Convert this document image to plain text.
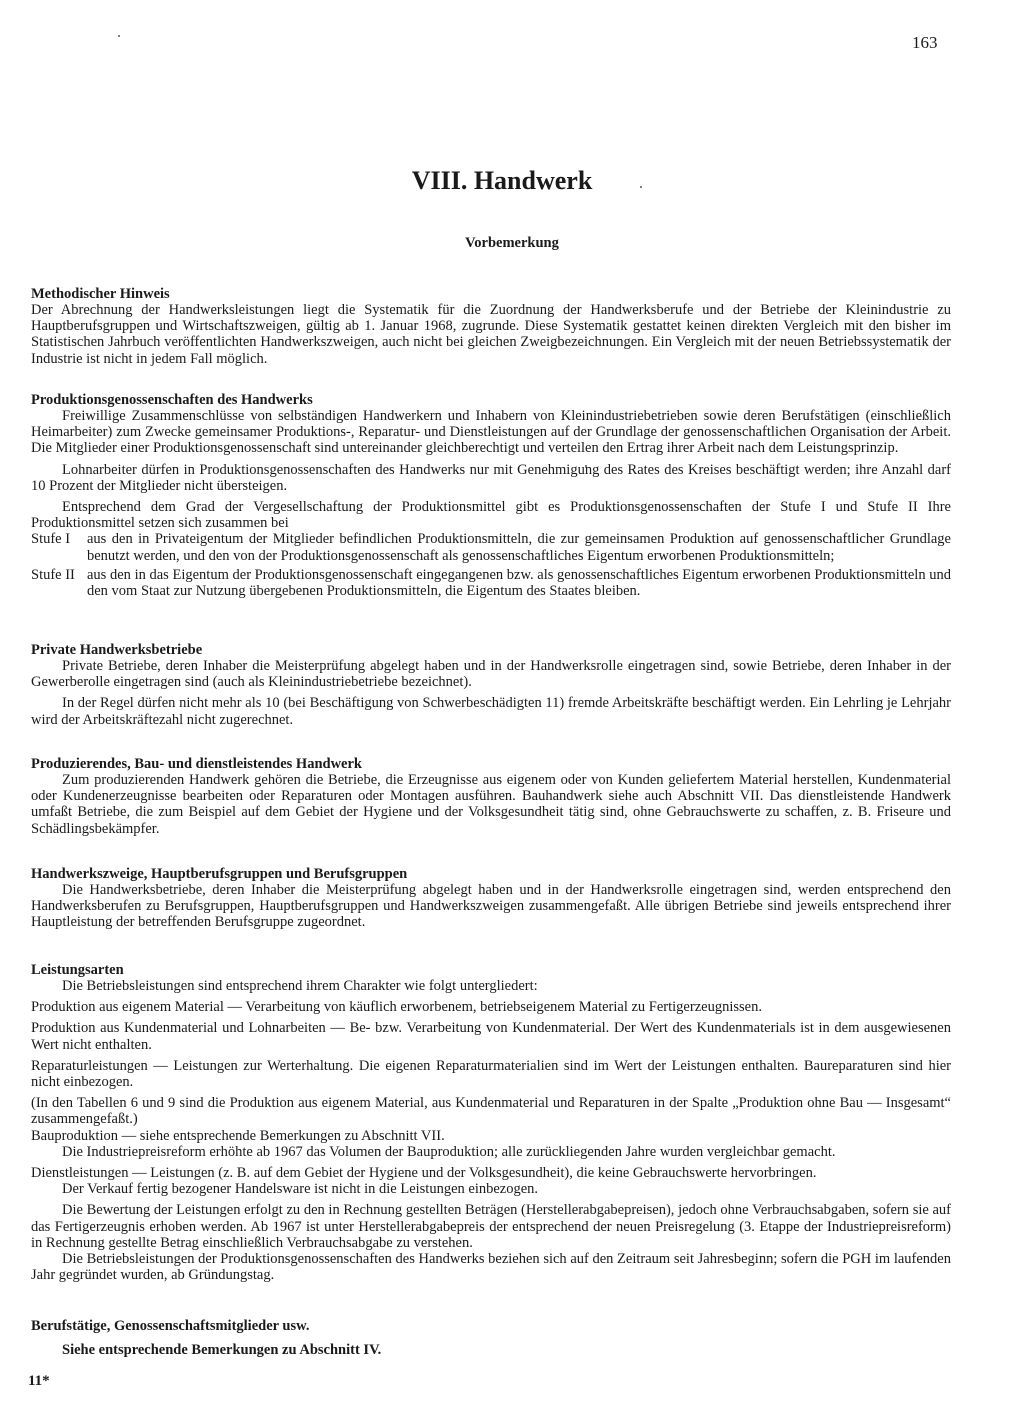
163
VIII. Handwerk
Vorbemerkung
Methodischer Hinweis

Der Abrechnung der Handwerksleistungen liegt die Systematik für die Zuordnung der Handwerksberufe und der Betriebe der Kleinindustrie zu Hauptberufsgruppen und Wirtschaftszweigen, gültig ab 1. Januar 1968, zugrunde. Diese Systematik gestattet keinen direkten Vergleich mit den bisher im Statistischen Jahrbuch veröffentlichten Handwerkszweigen, auch nicht bei gleichen Zweigbezeichnungen. Ein Vergleich mit der neuen Betriebssystematik der Industrie ist nicht in jedem Fall möglich.

Produktionsgenossenschaften des Handwerks

Freiwillige Zusammenschlüsse von selbständigen Handwerkern und Inhabern von Kleinindustriebetrieben sowie deren Berufstätigen (einschließlich Heimarbeiter) zum Zwecke gemeinsamer Produktions-, Reparatur- und Dienstleistungen auf der Grundlage der genossenschaftlichen Organisation der Arbeit. Die Mitglieder einer Produktionsgenossenschaft sind untereinander gleichberechtigt und verteilen den Ertrag ihrer Arbeit nach dem Leistungsprinzip.

Lohnarbeiter dürfen in Produktionsgenossenschaften des Handwerks nur mit Genehmigung des Rates des Kreises beschäftigt werden; ihre Anzahl darf 10 Prozent der Mitglieder nicht übersteigen.

Entsprechend dem Grad der Vergesellschaftung der Produktionsmittel gibt es Produktionsgenossenschaften der Stufe I und Stufe II Ihre Produktionsmittel setzen sich zusammen bei

Stufe I	aus den in Privateigentum der Mitglieder befindlichen Produktionsmitteln, die zur gemeinsamen Produktion auf genossenschaftlicher Grundlage benutzt werden, und den von der Produktionsgenossenschaft als genossenschaftliches Eigentum erworbenen Produktionsmitteln;
Stufe II aus den in das Eigentum der Produktionsgenossenschaft eingegangenen bzw. als genossenschaftliches Eigentum erworbenen Produktionsmitteln und den vom Staat zur Nutzung übergebenen Produktionsmitteln, die Eigentum des Staates bleiben.
Private Handwerksbetriebe

Private Betriebe, deren Inhaber die Meisterprüfung abgelegt haben und in der Handwerksrolle eingetragen sind, sowie Betriebe, deren Inhaber in der Gewerberolle eingetragen sind (auch als Kleinindustriebetriebe bezeichnet).

In der Regel dürfen nicht mehr als 10 (bei Beschäftigung von Schwerbeschädigten 11) fremde Arbeitskräfte beschäftigt werden. Ein Lehrling je Lehrjahr wird der Arbeitskräftezahl nicht zugerechnet.

Produzierendes, Bau- und dienstleistendes Handwerk

Zum produzierenden Handwerk gehören die Betriebe, die Erzeugnisse aus eigenem oder von Kunden geliefertem Material herstellen, Kundenmaterial oder Kundenerzeugnisse bearbeiten oder Reparaturen oder Montagen ausführen. Bauhandwerk siehe auch Abschnitt VII. Das dienstleistende Handwerk umfaßt Betriebe, die zum Beispiel auf dem Gebiet der Hygiene und der Volksgesundheit tätig sind, ohne Gebrauchswerte zu schaffen, z. B. Friseure und Schädlingsbekämpfer.

Handwerkszweige, Hauptberufsgruppen und Berufsgruppen

Die Handwerksbetriebe, deren Inhaber die Meisterprüfung abgelegt haben und in der Handwerksrolle eingetragen sind, werden entsprechend den Handwerksberufen zu Berufsgruppen, Hauptberufsgruppen und Handwerkszweigen zusammengefaßt. Alle übrigen Betriebe sind jeweils entsprechend ihrer Hauptleistung der betreffenden Berufsgruppe zugeordnet.

Leistungsarten

Die Betriebsleistungen sind entsprechend ihrem Charakter wie folgt untergliedert:

Produktion aus eigenem Material — Verarbeitung von käuflich erworbenem, betriebseigenem Material zu Fertigerzeugnissen.

Produktion aus Kundenmaterial und Lohnarbeiten — Be- bzw. Verarbeitung von Kundenmaterial. Der Wert des Kundenmaterials ist in dem ausgewiesenen Wert nicht enthalten.

Reparaturleistungen — Leistungen zur Werterhaltung. Die eigenen Reparaturmaterialien sind im Wert der Leistungen enthalten. Baureparaturen sind hier nicht einbezogen.

(In den Tabellen 6 und 9 sind die Produktion aus eigenem Material, aus Kundenmaterial und Reparaturen in der Spalte „Produktion ohne Bau — Insgesamt“ zusammengefaßt.)

Bauproduktion — siehe entsprechende Bemerkungen zu Abschnitt VII.

Die Industriepreisreform erhöhte ab 1967 das Volumen der Bauproduktion; alle zurückliegenden Jahre wurden vergleichbar gemacht.

Dienstleistungen — Leistungen (z. B. auf dem Gebiet der Hygiene und der Volksgesundheit), die keine Gebrauchswerte hervorbringen.

Der Verkauf fertig bezogener Handelsware ist nicht in die Leistungen einbezogen.

Die Bewertung der Leistungen erfolgt zu den in Rechnung gestellten Beträgen (Herstellerabgabepreisen), jedoch ohne Verbrauchsabgaben, sofern sie auf das Fertigerzeugnis erhoben werden. Ab 1967 ist unter Herstellerabgabepreis der entsprechend der neuen Preisregelung (3. Etappe der Industriepreisreform) in Rechnung gestellte Betrag einschließlich Verbrauchsabgabe zu verstehen.

Die Betriebsleistungen der Produktionsgenossenschaften des Handwerks beziehen sich auf den Zeitraum seit Jahresbeginn; sofern die PGH im laufenden Jahr gegründet wurden, ab Gründungstag.

Berufstätige, Genossenschaftsmitglieder usw.

Siehe entsprechende Bemerkungen zu Abschnitt IV.

11*
